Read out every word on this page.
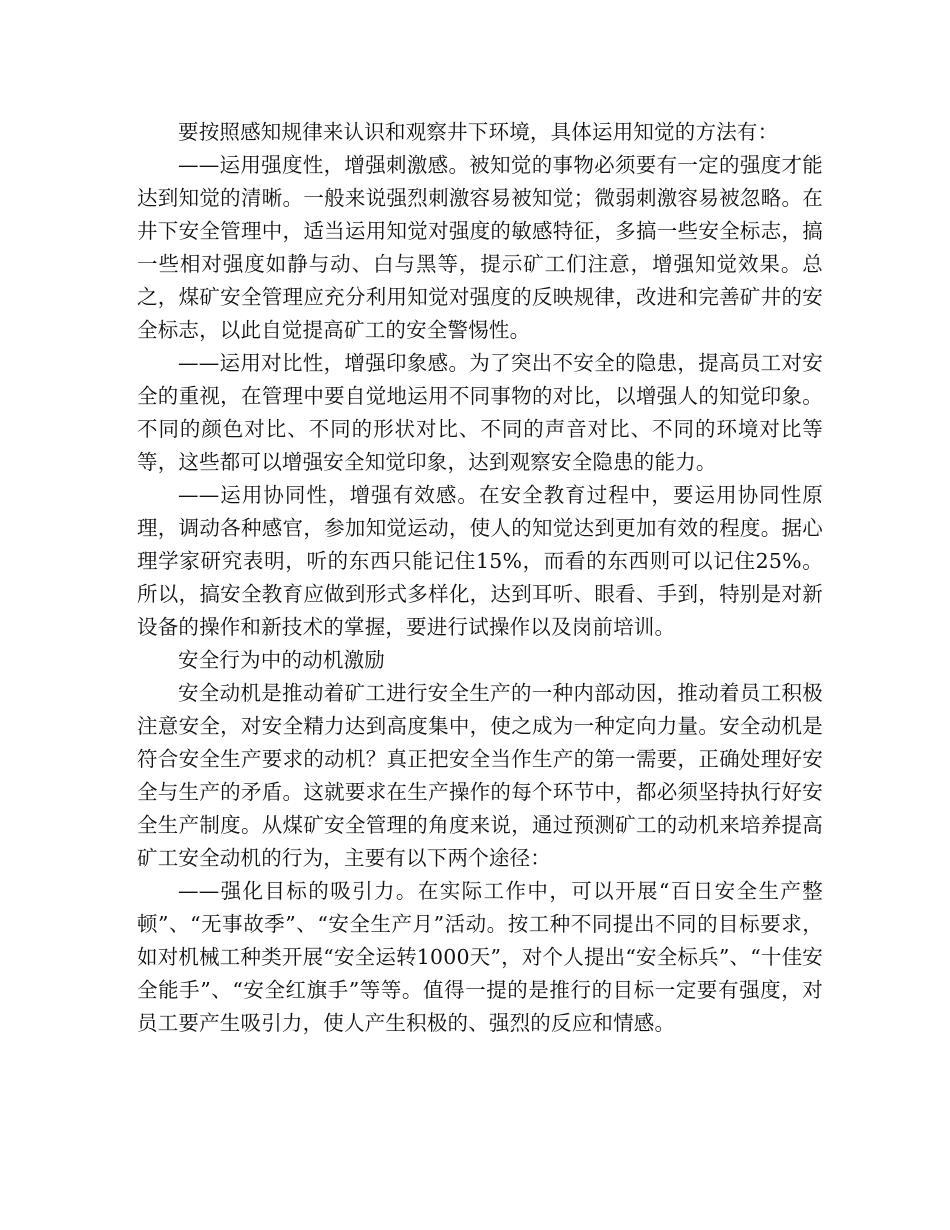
要按照感知规律来认识和观察井下环境，具体运用知觉的方法有：

——运用强度性，增强刺激感。被知觉的事物必须要有一定的强度才能达到知觉的清晰。一般来说强烈刺激容易被知觉；微弱刺激容易被忽略。在井下安全管理中，适当运用知觉对强度的敏感特征，多搞一些安全标志，搞一些相对强度如静与动、白与黑等，提示矿工们注意，增强知觉效果。总之，煤矿安全管理应充分利用知觉对强度的反映规律，改进和完善矿井的安全标志，以此自觉提高矿工的安全警惕性。

——运用对比性，增强印象感。为了突出不安全的隐患，提高员工对安全的重视，在管理中要自觉地运用不同事物的对比，以增强人的知觉印象。不同的颜色对比、不同的形状对比、不同的声音对比、不同的环境对比等等，这些都可以增强安全知觉印象，达到观察安全隐患的能力。

——运用协同性，增强有效感。在安全教育过程中，要运用协同性原理，调动各种感官，参加知觉运动，使人的知觉达到更加有效的程度。据心理学家研究表明，听的东西只能记住15%，而看的东西则可以记住25%。所以，搞安全教育应做到形式多样化，达到耳听、眼看、手到，特别是对新设备的操作和新技术的掌握，要进行试操作以及岗前培训。

安全行为中的动机激励

安全动机是推动着矿工进行安全生产的一种内部动因，推动着员工积极注意安全，对安全精力达到高度集中，使之成为一种定向力量。安全动机是符合安全生产要求的动机？真正把安全当作生产的第一需要，正确处理好安全与生产的矛盾。这就要求在生产操作的每个环节中，都必须坚持执行好安全生产制度。从煤矿安全管理的角度来说，通过预测矿工的动机来培养提高矿工安全动机的行为，主要有以下两个途径：

——强化目标的吸引力。在实际工作中，可以开展“百日安全生产整顿”、“无事故季”、“安全生产月”活动。按工种不同提出不同的目标要求，如对机械工种类开展“安全运转1000天”，对个人提出“安全标兵”、“十佳安全能手”、“安全红旗手”等等。值得一提的是推行的目标一定要有强度，对员工要产生吸引力，使人产生积极的、强烈的反应和情感。
